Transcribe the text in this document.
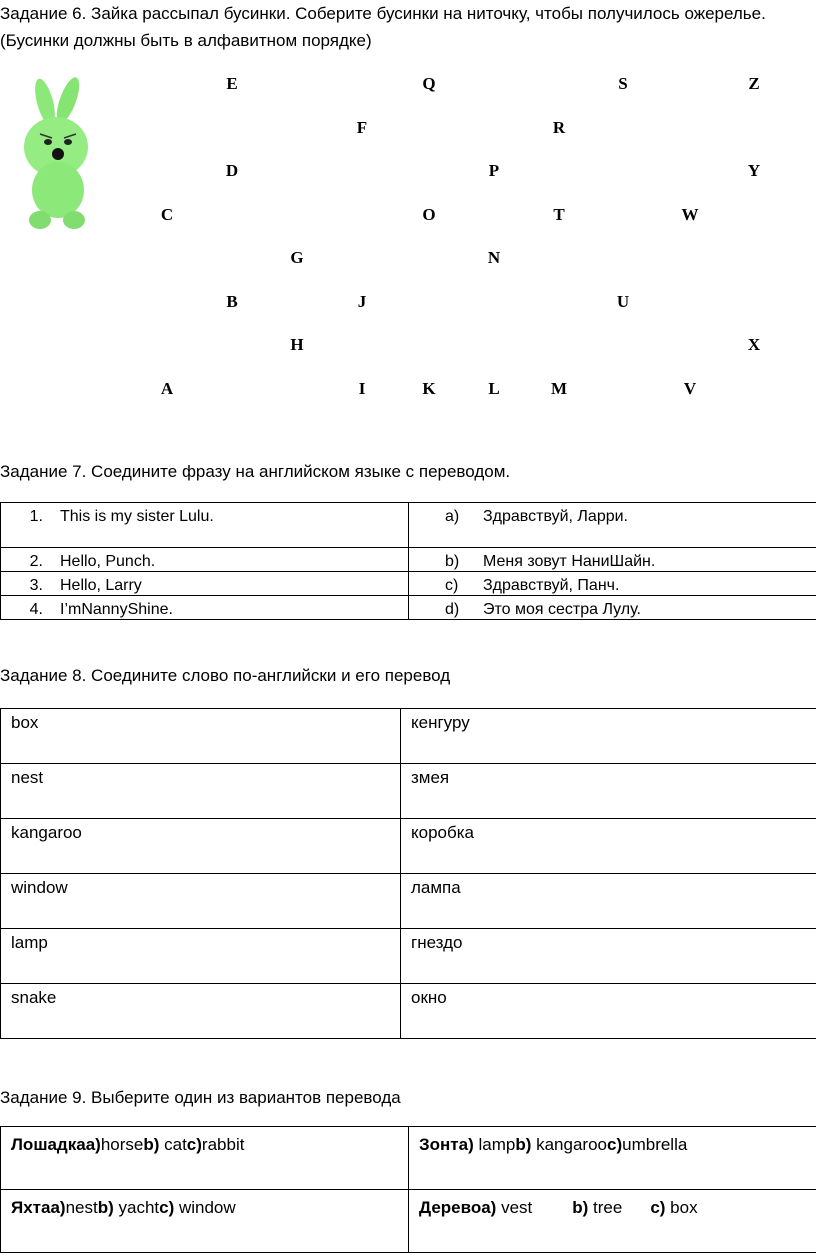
Задание 6. Зайка рассыпал бусинки. Соберите бусинки на ниточку, чтобы получилось ожерелье.
(Бусинки должны быть в алфавитном порядке)
E	Q	S	Z
F	R
D	P	Y
C	O	T	W
G	N
B	J	U
H	X
A	I	K	L	M	V
Задание 7. Соедините фразу на английском языке с переводом.
1. This is my sister Lulu.	a) Здравствуй, Ларри.
2. Hello, Punch.	b) Меня зовут НаниШайн.
3. Hello, Larry	c) Здравствуй, Панч.
4. I’mNannyShine.	d) Это моя сестра Лулу.
Задание 8. Соедините слово по-английски и его перевод
box	кенгуру
nest	змея
kangaroo	коробка
window	лампа
lamp	гнездо
snake	окно
Задание 9. Выберите один из вариантов перевода
Лошадкаа)horseb) catc)rabbit	Зонта) lampb) kangarooc)umbrella
Яхтаа)nestb) yachtc) window	Деревоа) vest b) tree c) box
